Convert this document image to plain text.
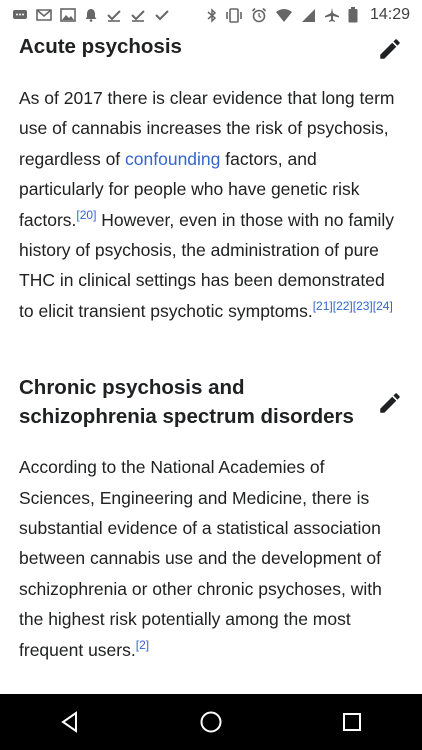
14:29
Acute psychosis

As of 2017 there is clear evidence that long term use of cannabis increases the risk of psychosis, regardless of confounding factors, and particularly for people who have genetic risk factors.[20] However, even in those with no family history of psychosis, the administration of pure THC in clinical settings has been demonstrated to elicit transient psychotic symptoms.[21][22][23][24]

Chronic psychosis and schizophrenia spectrum disorders

According to the National Academies of Sciences, Engineering and Medicine, there is substantial evidence of a statistical association between cannabis use and the development of schizophrenia or other chronic psychoses, with the highest risk potentially among the most frequent users.[2]
